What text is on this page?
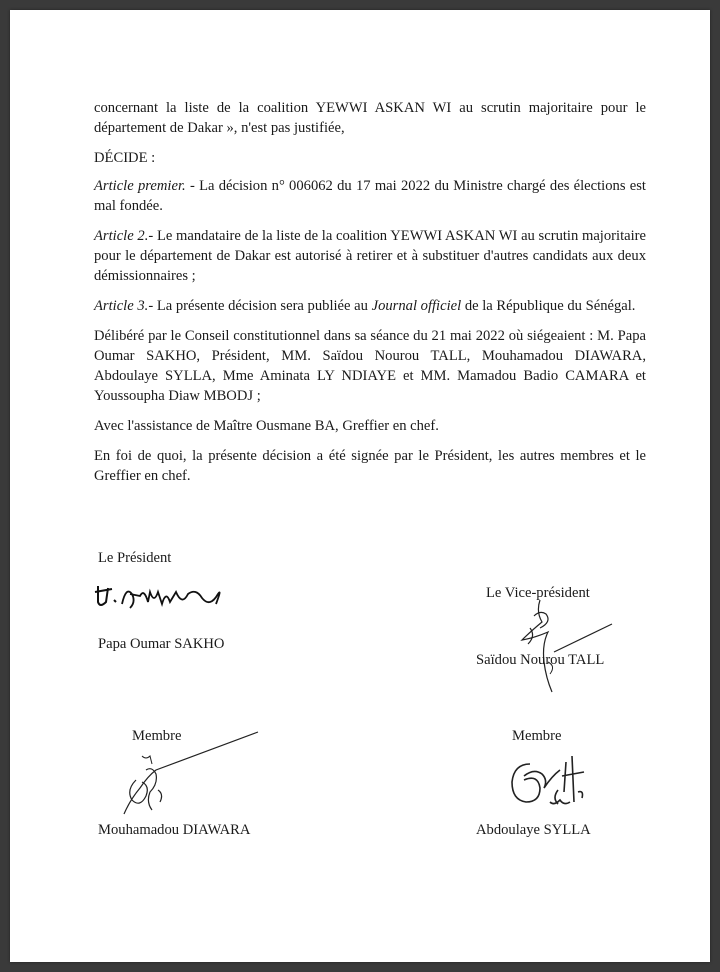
concernant la liste de la coalition YEWWI ASKAN WI au scrutin majoritaire pour le département de Dakar », n'est pas justifiée,

DÉCIDE :

Article premier. - La décision n° 006062 du 17 mai 2022 du Ministre chargé des élections est mal fondée.

Article 2.- Le mandataire de la liste de la coalition YEWWI ASKAN WI au scrutin majoritaire pour le département de Dakar est autorisé à retirer et à substituer d'autres candidats aux deux démissionnaires ;

Article 3.- La présente décision sera publiée au Journal officiel de la République du Sénégal.

Délibéré par le Conseil constitutionnel dans sa séance du 21 mai 2022 où siégeaient : M. Papa Oumar SAKHO, Président, MM. Saïdou Nourou TALL, Mouhamadou DIAWARA, Abdoulaye SYLLA, Mme Aminata LY NDIAYE et MM. Mamadou Badio CAMARA et Youssoupha Diaw MBODJ ;

Avec l'assistance de Maître Ousmane BA, Greffier en chef.

En foi de quoi, la présente décision a été signée par le Président, les autres membres et le Greffier en chef.

Le Président
Papa Oumar SAKHO
Le Vice-président
Saïdou Nourou TALL
Membre
Mouhamadou DIAWARA
Membre
Abdoulaye SYLLA
